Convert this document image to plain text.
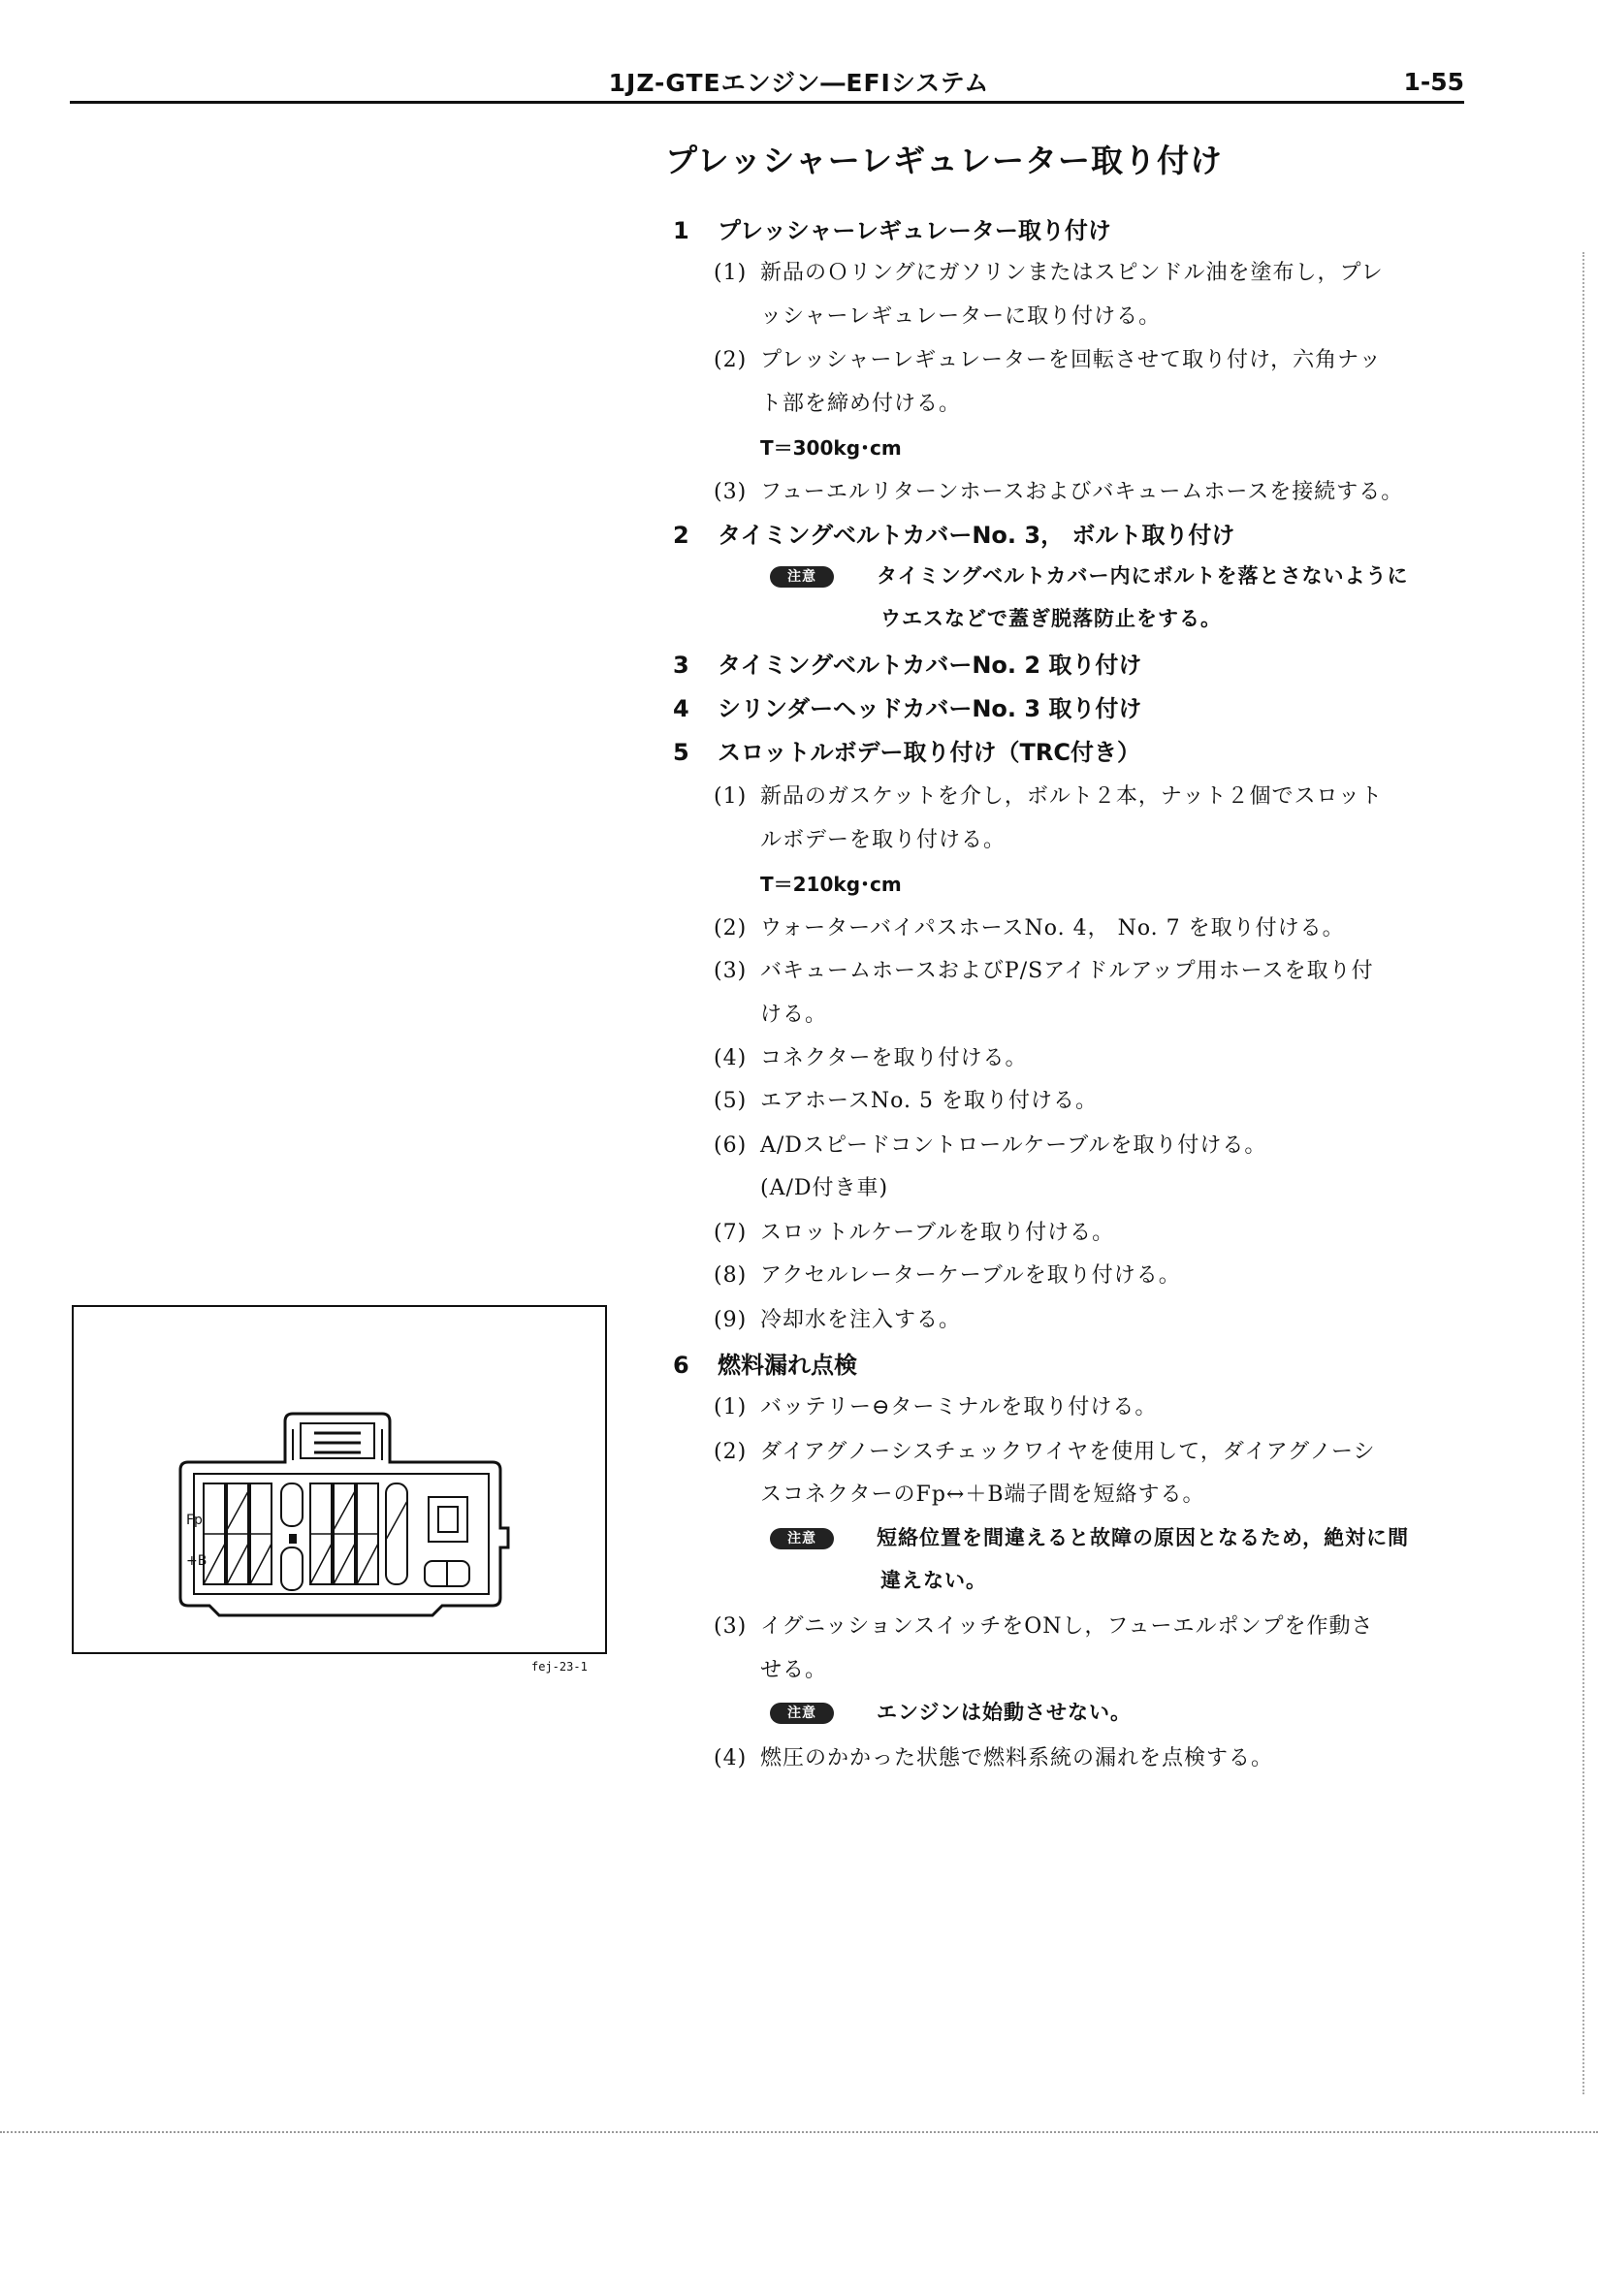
1JZ-GTEエンジン―EFIシステム	1-55
プレッシャーレギュレーター取り付け
1 プレッシャーレギュレーター取り付け
(1) 新品のＯリングにガソリンまたはスピンドル油を塗布し，プレ
ッシャーレギュレーターに取り付ける。
(2) プレッシャーレギュレーターを回転させて取り付け，六角ナッ
ト部を締め付ける。
T＝300kg･cm
(3) フューエルリターンホースおよびバキュームホースを接続する。
2 タイミングベルトカバーNo. 3， ボルト取り付け
注意	タイミングベルトカバー内にボルトを落とさないように
ウエスなどで蓋ぎ脱落防止をする。
3 タイミングベルトカバーNo. 2 取り付け
4 シリンダーヘッドカバーNo. 3 取り付け
5 スロットルボデー取り付け（TRC付き）
(1) 新品のガスケットを介し，ボルト２本，ナット２個でスロット
ルボデーを取り付ける。
T＝210kg･cm
(2) ウォーターバイパスホースNo. 4， No. 7 を取り付ける。
(3) バキュームホースおよびP/Sアイドルアップ用ホースを取り付
ける。
(4) コネクターを取り付ける。
(5) エアホースNo. 5 を取り付ける。
(6) A/Dスピードコントロールケーブルを取り付ける。
(A/D付き車)
(7) スロットルケーブルを取り付ける。
(8) アクセルレーターケーブルを取り付ける。
(9) 冷却水を注入する。
6 燃料漏れ点検
(1) バッテリー⊖ターミナルを取り付ける。
(2) ダイアグノーシスチェックワイヤを使用して，ダイアグノーシ
スコネクターのFp↔＋B端子間を短絡する。
注意	短絡位置を間違えると故障の原因となるため，絶対に間
違えない。
(3) イグニッションスイッチをONし，フューエルポンプを作動さ
せる。
注意	エンジンは始動させない。
(4) 燃圧のかかった状態で燃料系統の漏れを点検する。
Fp
+B
fej-23-1
